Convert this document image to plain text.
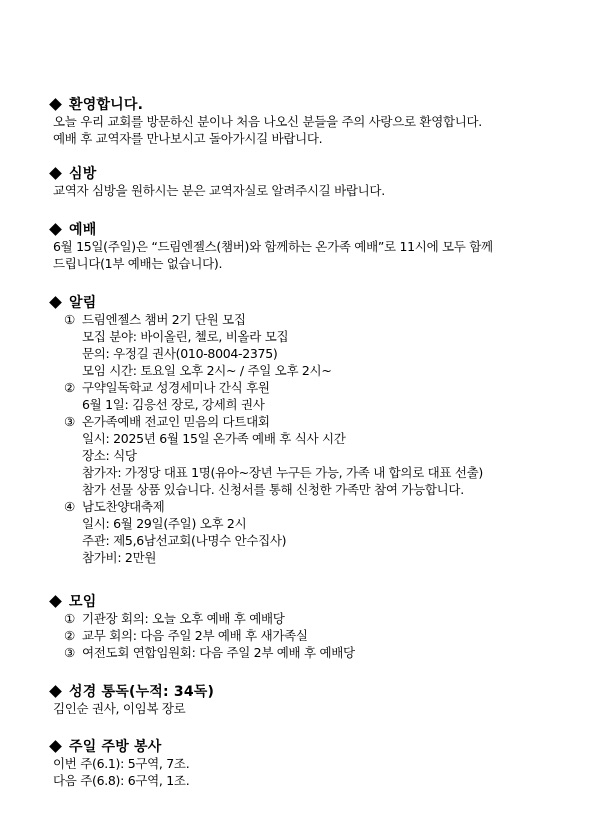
환영합니다.
오늘 우리 교회를 방문하신 분이나 처음 나오신 분들을 주의 사랑으로 환영합니다.
예배 후 교역자를 만나보시고 돌아가시길 바랍니다.
심방
교역자 심방을 원하시는 분은 교역자실로 알려주시길 바랍니다.
예배
6월 15일(주일)은 “드림엔젤스(챔버)와 함께하는 온가족 예배”로 11시에 모두 함께
드립니다(1부 예배는 없습니다).
알림
① 드림엔젤스 챔버 2기 단원 모집
모집 분야: 바이올린, 첼로, 비올라 모집
문의: 우정길 권사(010-8004-2375)
모임 시간: 토요일 오후 2시~ / 주일 오후 2시~
② 구약일독학교 성경세미나 간식 후원
6월 1일: 김응선 장로, 강세희 권사
③ 온가족예배 전교인 믿음의 다트대회
일시: 2025년 6월 15일 온가족 예배 후 식사 시간
장소: 식당
참가자: 가정당 대표 1명(유아~장년 누구든 가능, 가족 내 합의로 대표 선출)
참가 선물 상품 있습니다. 신청서를 통해 신청한 가족만 참여 가능합니다.
④ 남도찬양대축제
일시: 6월 29일(주일) 오후 2시
주관: 제5,6남선교회(나명수 안수집사)
참가비: 2만원
모임
① 기관장 회의: 오늘 오후 예배 후 예배당
② 교무 회의: 다음 주일 2부 예배 후 새가족실
③ 여전도회 연합임원회: 다음 주일 2부 예배 후 예배당
성경 통독(누적: 34독)
김인순 권사, 이임복 장로
주일 주방 봉사
이번 주(6.1): 5구역, 7조.
다음 주(6.8): 6구역, 1조.
